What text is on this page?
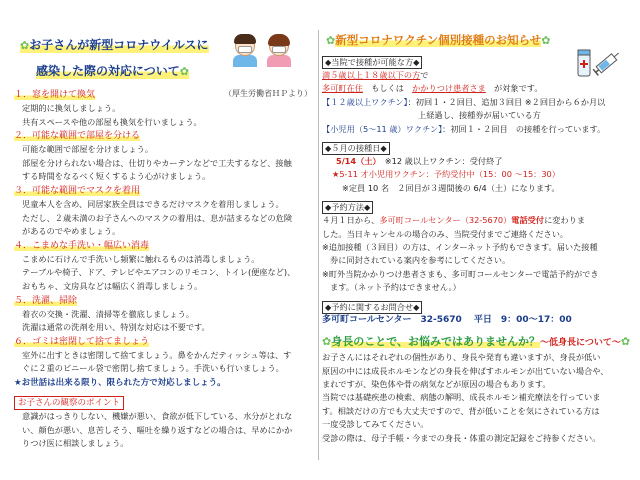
✿お子さんが新型コロナウイルスに
感染した際の対応について✿
（厚生労働省ＨＰより）
１．窓を開けて換気
定期的に換気しましょう。
共有スペースや他の部屋も換気を行いましょう。
２．可能な範囲で部屋を分ける
可能な範囲で部屋を分けましょう。
部屋を分けられない場合は、仕切りやカーテンなどで工夫するなど、接触
する時間をなるべく短くするよう心がけましょう。
３．可能な範囲でマスクを着用
児童本人を含め、同居家族全員はできるだけマスクを着用しましょう。
ただし、２歳未満のお子さんへのマスクの着用は、息が詰まるなどの危険
があるのでやめましょう。
４．こまめな手洗い・幅広い消毒
こまめに石けんで手洗いし頻繁に触れるものは消毒しましょう。
テーブルや椅子、ドア、テレビやエアコンのリモコン、トイレ(便座など)、
おもちゃ、文房具などは幅広く消毒しましょう。
５．洗濯、掃除
着衣の交換・洗濯、清掃等を徹底しましょう。
洗濯は通常の洗剤を用い、特別な対応は不要です。
６．ゴミは密閉して捨てましょう
室外に出すときは密閉して捨てましょう。鼻をかんだティッシュ等は、す
ぐに２重のビニール袋で密閉し捨てましょう。手洗いも行いましょう。
★お世話は出来る限り、限られた方で対応しましょう。
お子さんの観察のポイント
意識がはっきりしない、機嫌が悪い、食欲が低下している、水分がとれな
い、顔色が悪い、息苦しそう、嘔吐を繰り返すなどの場合は、早めにかか
りつけ医に相談しましょう。
✿新型コロナワクチン個別接種のお知らせ✿
◆当院で接種が可能な方◆
満５歳以上１８歳以下の方で
多可町在住　 もしくは　 かかりつけ患者さま　 が対象です。
【１２歳以上ワクチン】：初回１・２回目、追加３回目 ※２回目から６か月以
上経過し、接種券が届いている方
【小児用（5～11 歳）ワクチン】：初回１・２回目　の接種を行っています。
◆５月の接種日◆
5/14（土）　 ※12 歳以上ワクチン：受付終了
★5-11 才小児用ワクチン：予約受付中（15：00 ～15：30）
※定員 10 名　２回目が３週間後の 6/4（土）になります。
◆予約方法◆
４月１日から、多可町コールセンター（32-5670）電話受付に変わりま
した。当日キャンセルの場合のみ、当院受付までご連絡ください。
※追加接種（３回目）の方は、インターネット予約もできます。届いた接種
券に同封されている案内を参考にしてください。
※町外当院かかりつけ患者さまも、多可町コールセンターで電話予約ができ
ます。（ネット予約はできません。）
◆予約に関するお問合せ◆
多可町コールセンター　32-5670　 平日　9：00～17：00
✿身長のことで、お悩みではありませんか？～低身長について～✿
お子さんにはそれぞれの個性があり、身長や発育も違いますが、身長が低い
原因の中には成長ホルモンなどの身長を伸ばすホルモンが出ていない場合や、
まれですが、染色体や骨の病気などが原因の場合もあります。
当院では基礎疾患の検索、病態の解明、成長ホルモン補充療法を行っていま
す。相談だけの方でも大丈夫ですので、背が低いことを気にされている方は
一度受診してみてください。
受診の際は、母子手帳・今までの身長・体重の測定記録をご持参ください。
